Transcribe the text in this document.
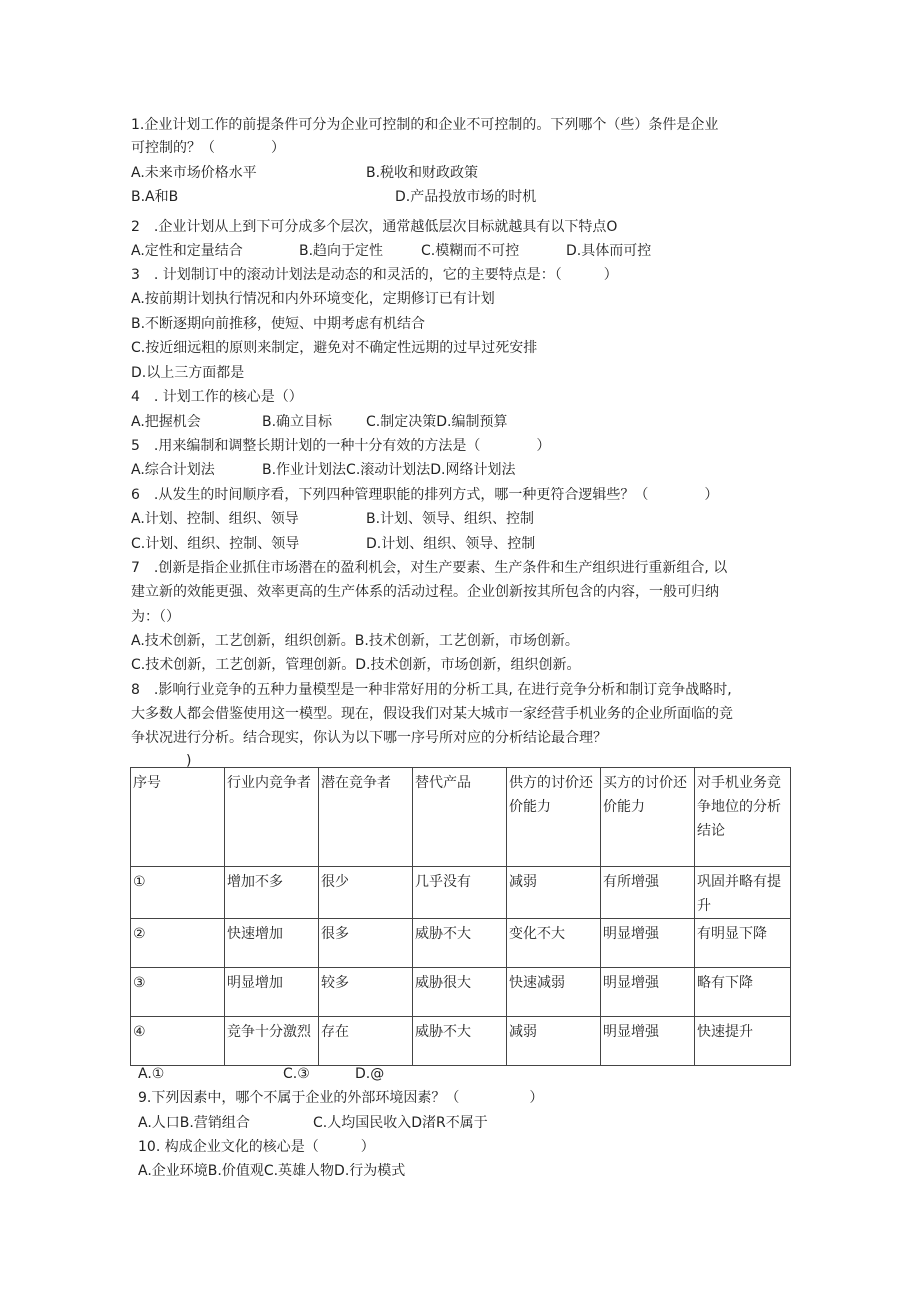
1.企业计划工作的前提条件可分为企业可控制的和企业不可控制的。下列哪个（些）条件是企业
可控制的？（　　　　）
A.未来市场价格水平	B.税收和财政政策
B.A和B	D.产品投放市场的时机
2　.企业计划从上到下可分成多个层次，通常越低层次目标就越具有以下特点O
A.定性和定量结合	B.趋向于定性	C.模糊而不可控	D.具体而可控
3　. 计划制订中的滚动计划法是动态的和灵活的，它的主要特点是：（　　　）
A.按前期计划执行情况和内外环境变化，定期修订已有计划
B.不断逐期向前推移，使短、中期考虑有机结合
C.按近细远粗的原则来制定，避免对不确定性远期的过早过死安排
D.以上三方面都是
4　. 计划工作的核心是（）
A.把握机会	B.确立目标 C.制定决策D.编制预算
5　.用来编制和调整长期计划的一种十分有效的方法是（　　　　）
A.综合计划法	B.作业计划法C.滚动计划法D.网络计划法
6　.从发生的时间顺序看，下列四种管理职能的排列方式，哪一种更符合逻辑些？（　　　　）
A.计划、控制、组织、领导	B.计划、领导、组织、控制
C.计划、组织、控制、领导	D.计划、组织、领导、控制
7　.创新是指企业抓住市场潜在的盈利机会，对生产要素、生产条件和生产组织进行重新组合, 以
建立新的效能更强、效率更高的生产体系的活动过程。企业创新按其所包含的内容，一般可归纳
为：（）
A.技术创新，工艺创新，组织创新。B.技术创新，工艺创新，市场创新。
C.技术创新，工艺创新，管理创新。D.技术创新，市场创新，组织创新。
8　.影响行业竞争的五种力量模型是一种非常好用的分析工具, 在进行竞争分析和制订竞争战略时,
大多数人都会借鉴使用这一模型。现在，假设我们对某大城市一家经营手机业务的企业所面临的竞
争状况进行分析。结合现实，你认为以下哪一序号所对应的分析结论最合理？
)
序号	行业内竞争者	潜在竞争者	替代产品	供方的讨价还价能力	买方的讨价还价能力	对手机业务竞争地位的分析结论
①	增加不多	很少	几乎没有	减弱	有所增强	巩固并略有提升
②	快速增加	很多	威胁不大	变化不大	明显增强	有明显下降
③	明显增加	较多	威胁很大	快速减弱	明显增强	略有下降
④	竞争十分激烈	存在	威胁不大	减弱	明显增强	快速提升
A.①	C.③	D.@
9.下列因素中，哪个不属于企业的外部环境因素？（　　　　　）
A.人口B.营销组合	C.人均国民收入D渚R不属于
10. 构成企业文化的核心是（　　　）
A.企业环境B.价值观C.英雄人物D.行为模式
